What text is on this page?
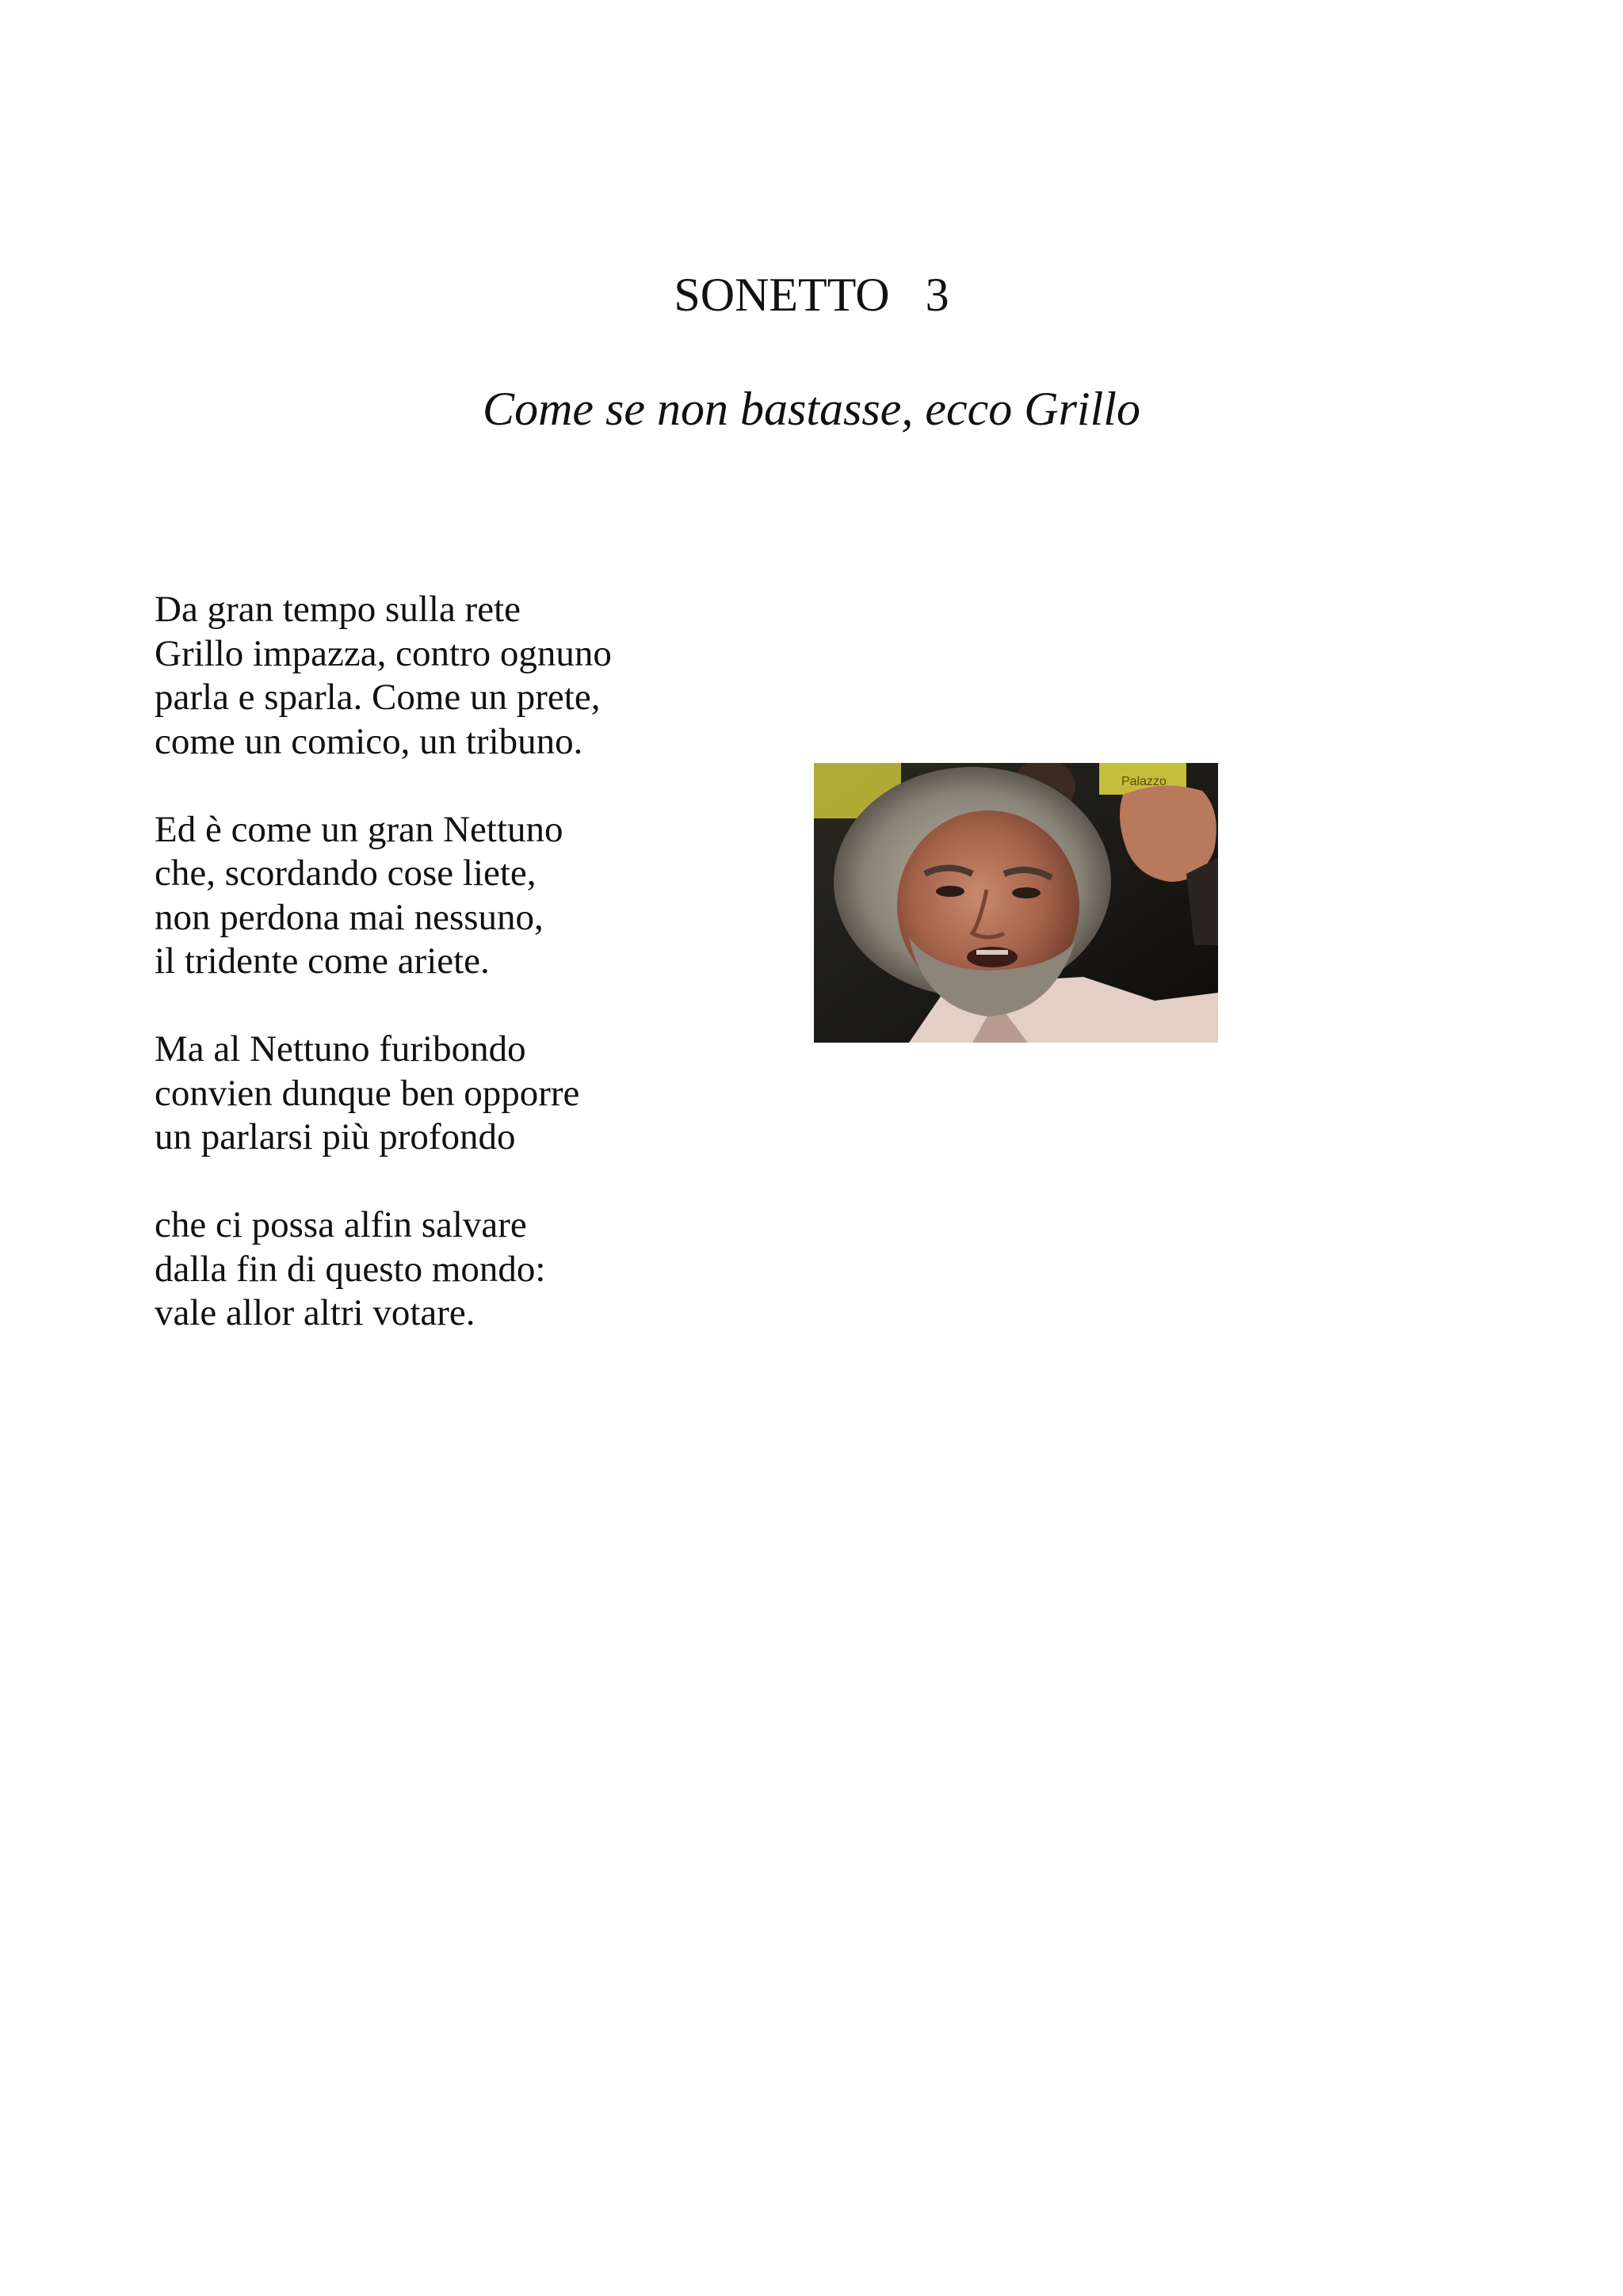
SONETTO   3
Come se non bastasse, ecco Grillo
Da gran tempo sulla rete
Grillo impazza, contro ognuno
parla e sparla. Come un prete,
come un comico, un tribuno.
Ed è come un gran Nettuno
che, scordando cose liete,
non perdona mai nessuno,
il tridente come ariete.
Ma al Nettuno furibondo
convien dunque ben opporre
un parlarsi più profondo
che ci possa alfin salvare
dalla fin di questo mondo:
vale allor altri votare.
Palazzo
